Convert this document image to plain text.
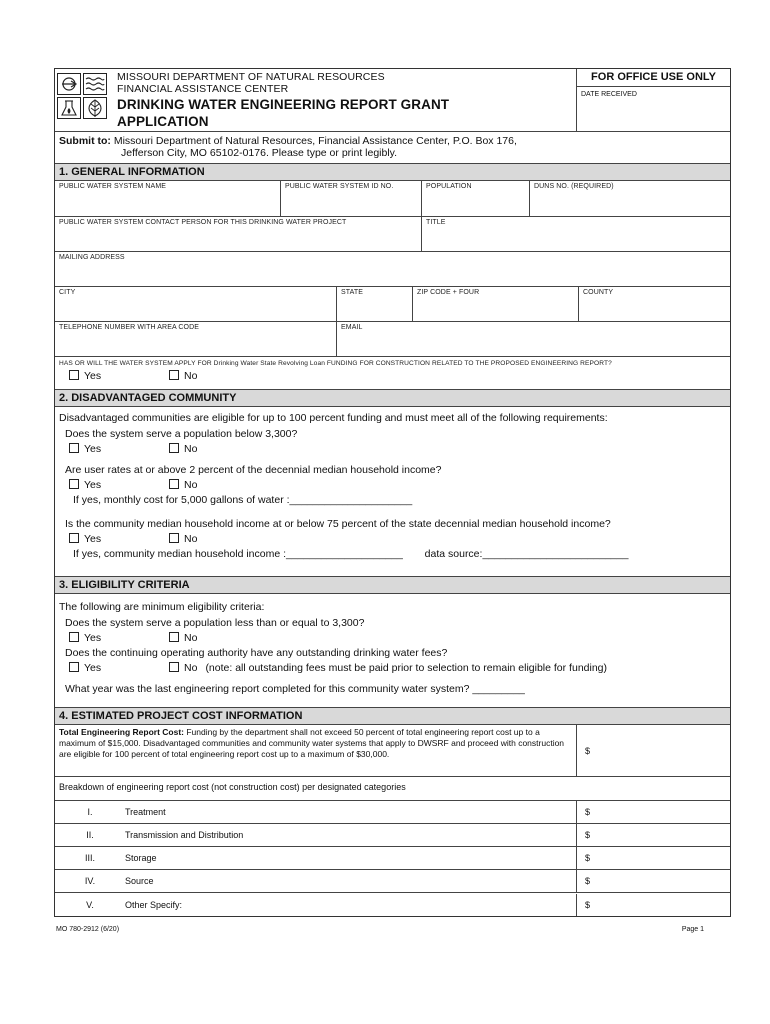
MISSOURI DEPARTMENT OF NATURAL RESOURCES
FINANCIAL ASSISTANCE CENTER
DRINKING WATER ENGINEERING REPORT GRANT
APPLICATION
FOR OFFICE USE ONLY
DATE RECEIVED
Submit to: Missouri Department of Natural Resources, Financial Assistance Center, P.O. Box 176,
Jefferson City, MO 65102-0176. Please type or print legibly.
1. GENERAL INFORMATION
PUBLIC WATER SYSTEM NAME	PUBLIC WATER SYSTEM ID NO.	POPULATION	DUNS NO. (REQUIRED)
PUBLIC WATER SYSTEM CONTACT PERSON FOR THIS DRINKING WATER PROJECT	TITLE
MAILING ADDRESS
CITY	STATE	ZIP CODE + FOUR	COUNTY
TELEPHONE NUMBER WITH AREA CODE	EMAIL
HAS OR WILL THE WATER SYSTEM APPLY FOR Drinking Water State Revolving Loan FUNDING FOR CONSTRUCTION RELATED TO THE PROPOSED ENGINEERING REPORT?
Yes	No
2. DISADVANTAGED COMMUNITY
Disadvantaged communities are eligible for up to 100 percent funding and must meet all of the following requirements:
Does the system serve a population below 3,300?
Yes	No
Are user rates at or above 2 percent of the decennial median household income?
Yes	No
If yes, monthly cost for 5,000 gallons of water :_____________________
Is the community median household income at or below 75 percent of the state decennial median household income?
Yes	No
If yes, community median household income :____________________ data source:_________________________
3. ELIGIBILITY CRITERIA
The following are minimum eligibility criteria:
Does the system serve a population less than or equal to 3,300?
Yes	No
Does the continuing operating authority have any outstanding drinking water fees?
Yes	No (note: all outstanding fees must be paid prior to selection to remain eligible for funding)
What year was the last engineering report completed for this community water system? _________
4. ESTIMATED PROJECT COST INFORMATION
Total Engineering Report Cost: Funding by the department shall not exceed 50 percent of total engineering report cost up to a maximum of $15,000. Disadvantaged communities and community water systems that apply to DWSRF and proceed with construction are eligible for 100 percent of total engineering report cost up to a maximum of $30,000.	$
Breakdown of engineering report cost (not construction cost) per designated categories
I.	Treatment	$
II.	Transmission and Distribution	$
III.	Storage	$
IV.	Source	$
V.	Other Specify:	$
MO 780-2912 (6/20)	Page 1
